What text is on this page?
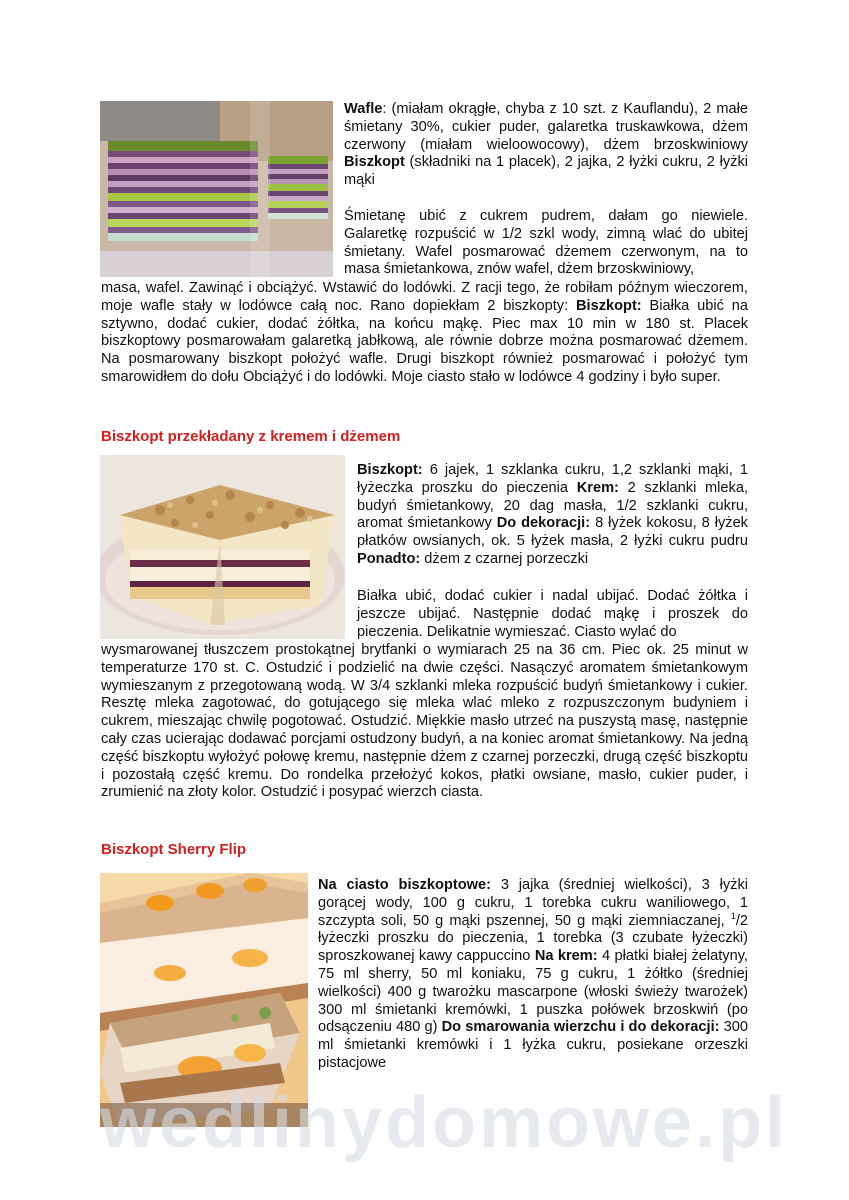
Wafle: (miałam okrągłe, chyba z 10 szt. z Kauflandu), 2 małe śmietany 30%, cukier puder, galaretka truskawkowa, dżem czerwony (miałam wieloowocowy), dżem brzoskwiniowy Biszkopt (składniki na 1 placek), 2 jajka, 2 łyżki cukru, 2 łyżki mąki

Śmietanę ubić z cukrem pudrem, dałam go niewiele. Galaretkę rozpuścić w 1/2 szkl wody, zimną wlać do ubitej śmietany. Wafel posmarować dżemem czerwonym, na to masa śmietankowa, znów wafel, dżem brzoskwiniowy,

masa, wafel. Zawinąć i obciążyć. Wstawić do lodówki. Z racji tego, że robiłam późnym wieczorem, moje wafle stały w lodówce całą noc. Rano dopiekłam 2 biszkopty: Biszkopt: Białka ubić na sztywno, dodać cukier, dodać żółtka, na końcu mąkę. Piec max 10 min w 180 st. Placek biszkoptowy posmarowałam galaretką jabłkową, ale równie dobrze można posmarować dżemem. Na posmarowany biszkopt położyć wafle. Drugi biszkopt również posmarować i położyć tym smarowidłem do dołu Obciążyć i do lodówki. Moje ciasto stało w lodówce 4 godziny i było super.

Biszkopt przekładany z kremem i dżemem

Biszkopt: 6 jajek, 1 szklanka cukru, 1,2 szklanki mąki, 1 łyżeczka proszku do pieczenia Krem: 2 szklanki mleka, budyń śmietankowy, 20 dag masła, 1/2 szklanki cukru, aromat śmietankowy Do dekoracji: 8 łyżek kokosu, 8 łyżek płatków owsianych, ok. 5 łyżek masła, 2 łyżki cukru pudru Ponadto: dżem z czarnej porzeczki

Białka ubić, dodać cukier i nadal ubijać. Dodać żółtka i jeszcze ubijać. Następnie dodać mąkę i proszek do pieczenia. Delikatnie wymieszać. Ciasto wylać do

wysmarowanej tłuszczem prostokątnej brytfanki o wymiarach 25 na 36 cm. Piec ok. 25 minut w temperaturze 170 st. C. Ostudzić i podzielić na dwie części. Nasączyć aromatem śmietankowym wymieszanym z przegotowaną wodą. W 3/4 szklanki mleka rozpuścić budyń śmietankowy i cukier. Resztę mleka zagotować, do gotującego się mleka wlać mleko z rozpuszczonym budyniem i cukrem, mieszając chwilę pogotować. Ostudzić. Miękkie masło utrzeć na puszystą masę, następnie cały czas ucierając dodawać porcjami ostudzony budyń, a na koniec aromat śmietankowy. Na jedną część biszkoptu wyłożyć połowę kremu, następnie dżem z czarnej porzeczki, drugą część biszkoptu i pozostałą część kremu. Do rondelka przełożyć kokos, płatki owsiane, masło, cukier puder, i zrumienić na złoty kolor. Ostudzić i posypać wierzch ciasta.

Biszkopt Sherry Flip

Na ciasto biszkoptowe: 3 jajka (średniej wielkości), 3 łyżki gorącej wody, 100 g cukru, 1 torebka cukru waniliowego, 1 szczypta soli, 50 g mąki pszennej, 50 g mąki ziemniaczanej, $^1$/2 łyżeczki proszku do pieczenia, 1 torebka (3 czubate łyżeczki) sproszkowanej kawy cappuccino Na krem: 4 płatki białej żelatyny, 75 ml sherry, 50 ml koniaku, 75 g cukru, 1 żółtko (średniej wielkości) 400 g twarożku mascarpone (włoski świeży twarożek) 300 ml śmietanki kremówki, 1 puszka połówek brzoskwiń (po odsączeniu 480 g) Do smarowania wierzchu i do dekoracji: 300 ml śmietanki kremówki i 1 łyżka cukru, posiekane orzeszki pistacjowe

wedlinydomowe.pl
